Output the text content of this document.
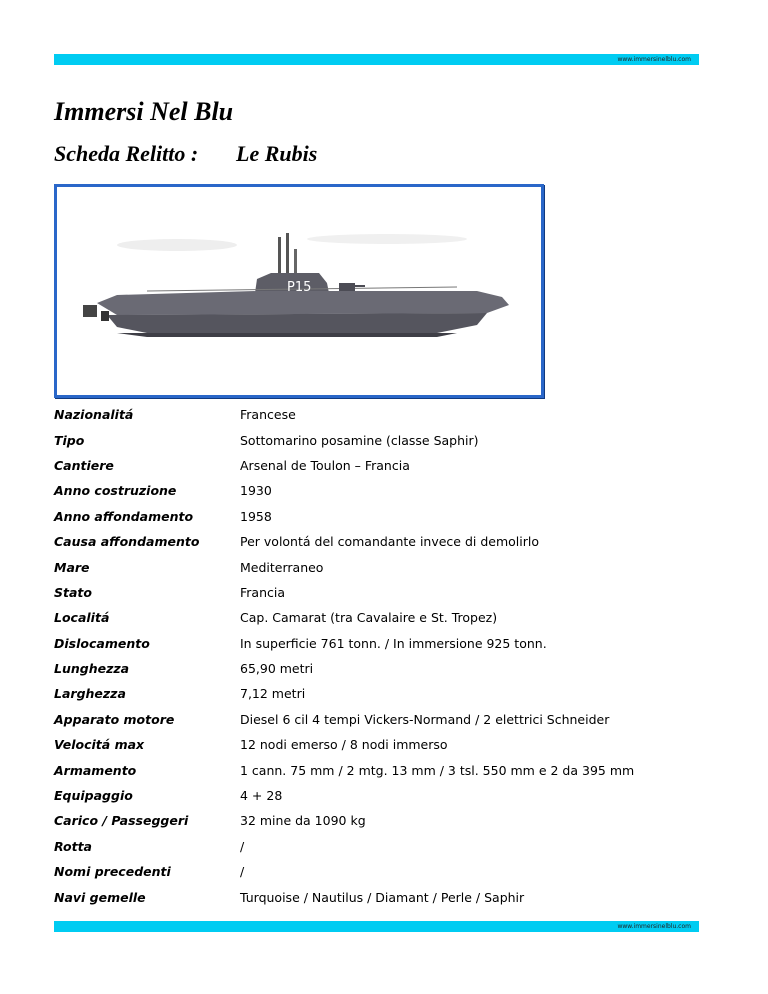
www.immersinelblu.com
Immersi Nel Blu
Scheda Relitto : Le Rubis
P15
Nazionalitá	Francese
Tipo	Sottomarino posamine (classe Saphir)
Cantiere	Arsenal de Toulon – Francia
Anno costruzione	1930
Anno affondamento	1958
Causa affondamento	Per volontá del comandante invece di demolirlo
Mare	Mediterraneo
Stato	Francia
Localitá	Cap. Camarat (tra Cavalaire e St. Tropez)
Dislocamento	In superficie 761 tonn. / In immersione 925 tonn.
Lunghezza	65,90 metri
Larghezza	7,12 metri
Apparato motore	Diesel 6 cil 4 tempi Vickers-Normand / 2 elettrici Schneider
Velocitá max	12 nodi emerso / 8 nodi immerso
Armamento	1 cann. 75 mm / 2 mtg. 13 mm / 3 tsl. 550 mm e 2 da 395 mm
Equipaggio	4 + 28
Carico / Passeggeri	32 mine da 1090 kg
Rotta	/
Nomi precedenti	/
Navi gemelle	Turquoise / Nautilus / Diamant / Perle / Saphir
www.immersinelblu.com
